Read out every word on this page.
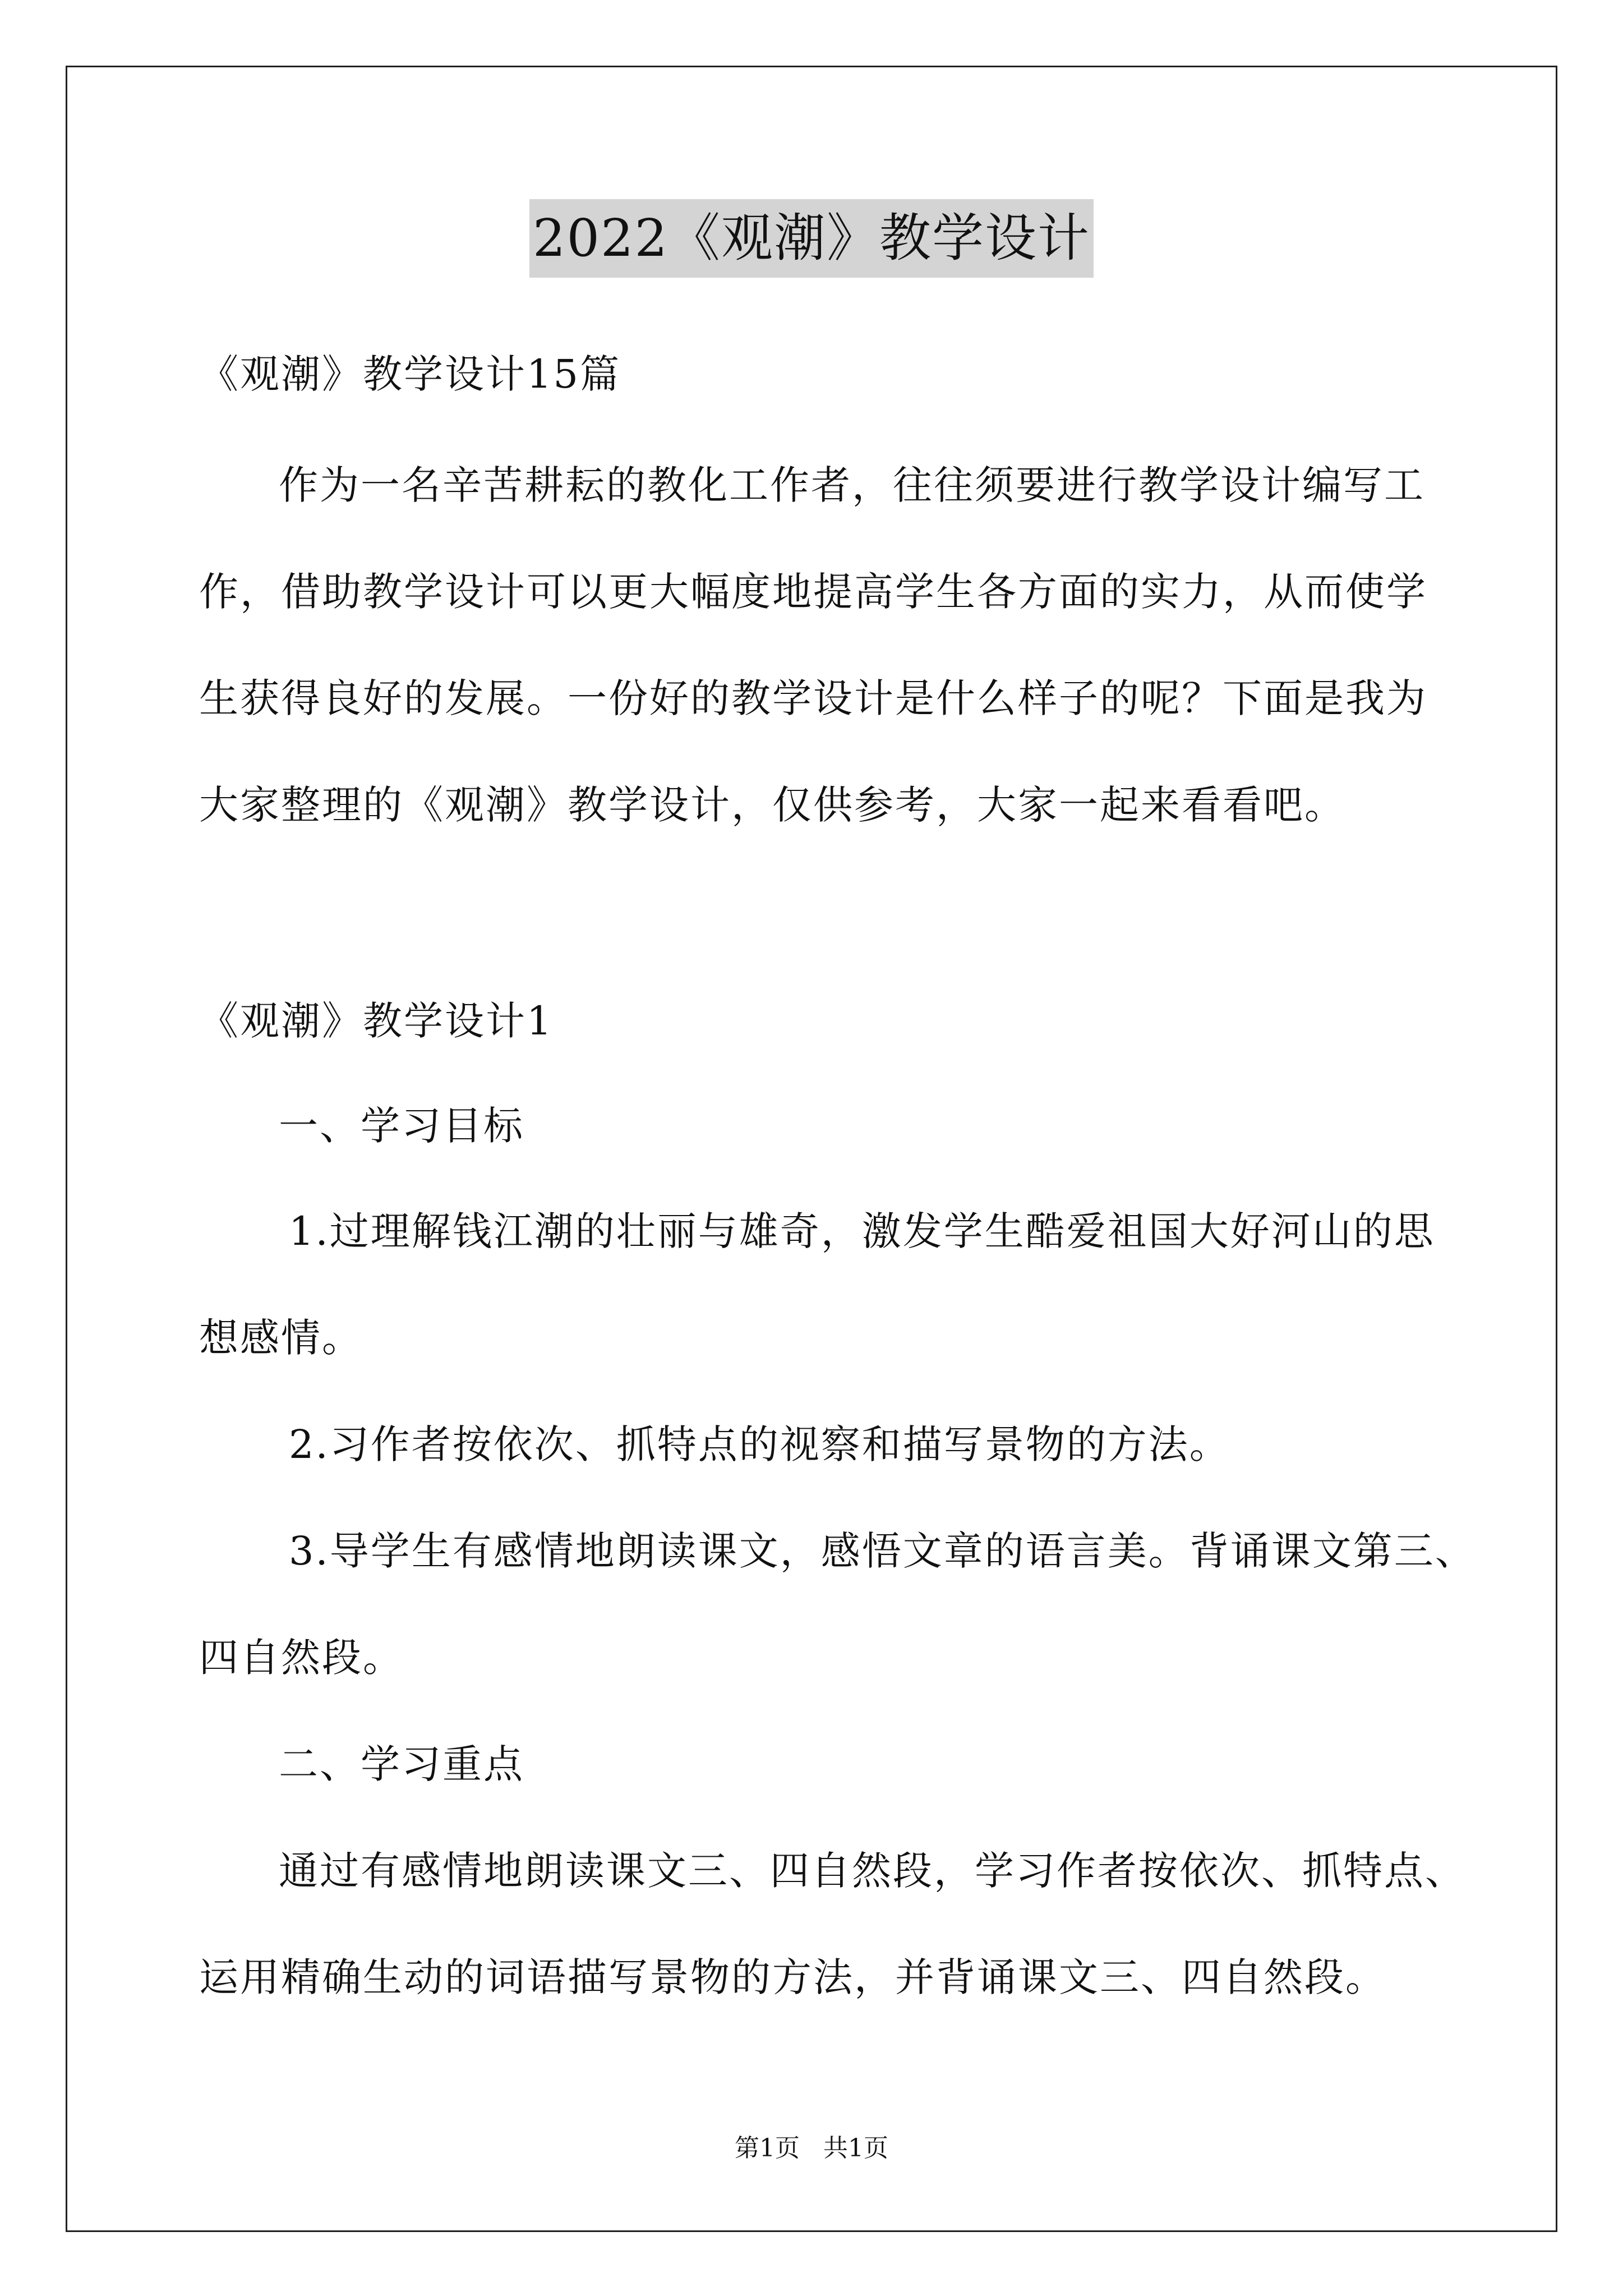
2022《观潮》教学设计
《观潮》教学设计15篇
作为一名辛苦耕耘的教化工作者，往往须要进行教学设计编写工
作，借助教学设计可以更大幅度地提高学生各方面的实力，从而使学
生获得良好的发展。一份好的教学设计是什么样子的呢？下面是我为
大家整理的《观潮》教学设计，仅供参考，大家一起来看看吧。
《观潮》教学设计1
一、学习目标
1.过理解钱江潮的壮丽与雄奇，激发学生酷爱祖国大好河山的思
想感情。
2.习作者按依次、抓特点的视察和描写景物的方法。
3.导学生有感情地朗读课文，感悟文章的语言美。背诵课文第三、
四自然段。
二、学习重点
通过有感情地朗读课文三、四自然段，学习作者按依次、抓特点、
运用精确生动的词语描写景物的方法，并背诵课文三、四自然段。
第1页   共1页
